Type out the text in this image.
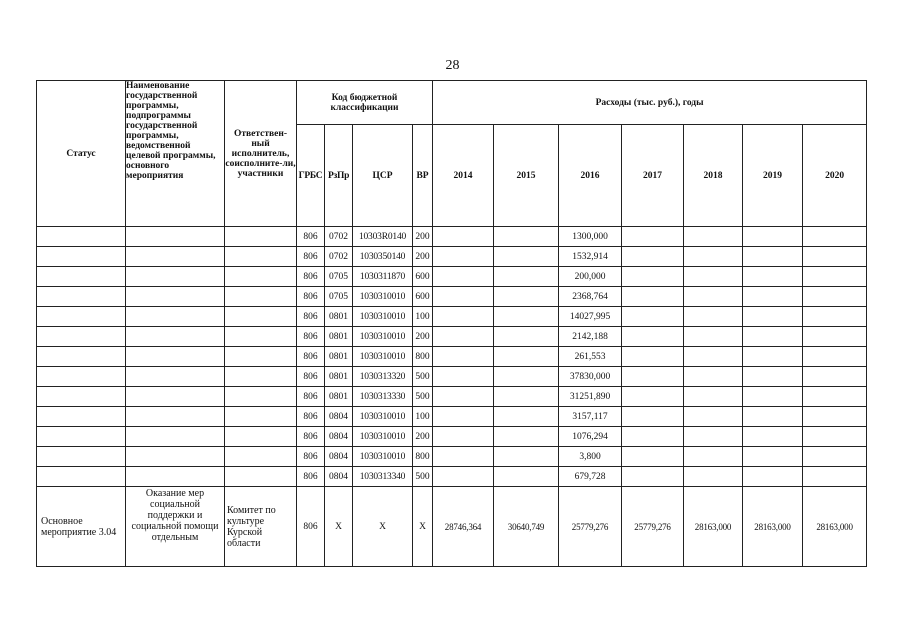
28
Статус	Наименование государственной программы, подпрограммы государственной программы, ведомственной целевой программы, основного мероприятия	Ответствен-ный исполнитель, соисполните-ли, участники	Код бюджетной классификации				Расходы (тыс. руб.), годы						
			ГРБС	РзПр	ЦСР	ВР	2014	2015	2016	2017	2018	2019	2020
			806	0702	10303R0140	200			1300,000				
			806	0702	1030350140	200			1532,914				
			806	0705	1030311870	600			200,000				
			806	0705	1030310010	600			2368,764				
			806	0801	1030310010	100			14027,995				
			806	0801	1030310010	200			2142,188				
			806	0801	1030310010	800			261,553				
			806	0801	1030313320	500			37830,000				
			806	0801	1030313330	500			31251,890				
			806	0804	1030310010	100			3157,117				
			806	0804	1030310010	200			1076,294				
			806	0804	1030310010	800			3,800				
			806	0804	1030313340	500			679,728				
Основное мероприятие 3.04	Оказание мер социальной поддержки и социальной помощи отдельным	Комитет по культуре Курской области	806	X	X	X	28746,364	30640,749	25779,276	25779,276	28163,000	28163,000	28163,000
